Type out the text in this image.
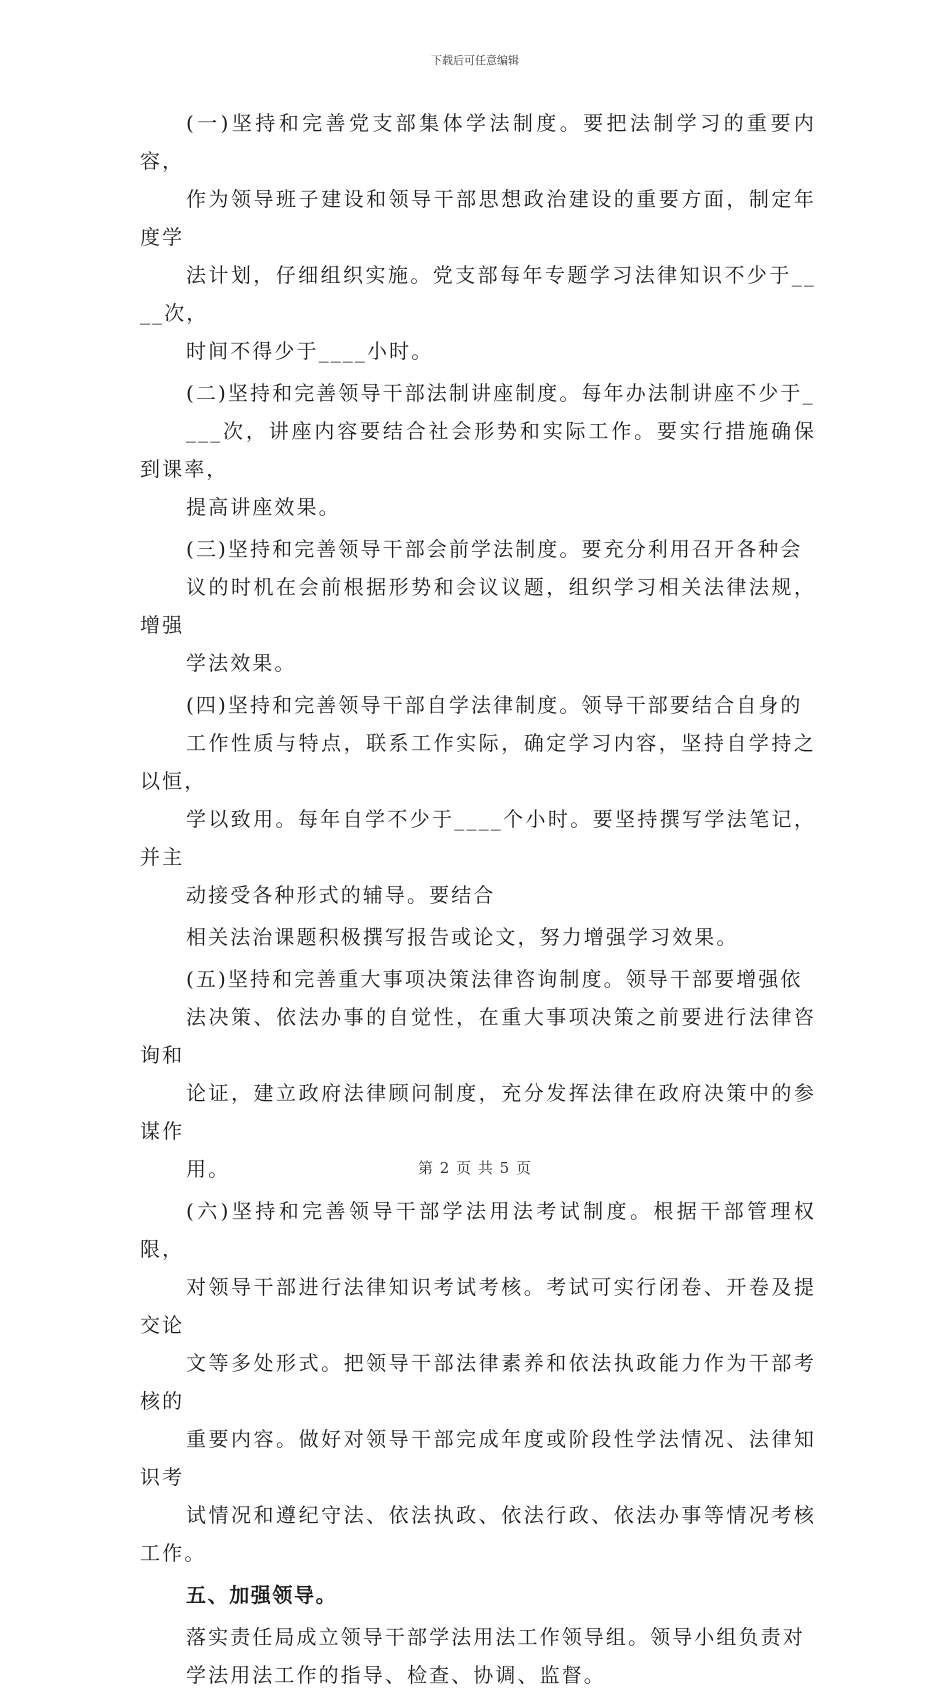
下载后可任意编辑
(一)坚持和完善党支部集体学法制度。要把法制学习的重要内容，
作为领导班子建设和领导干部思想政治建设的重要方面，制定年度学
法计划，仔细组织实施。党支部每年专题学习法律知识不少于____次，
时间不得少于____小时。
(二)坚持和完善领导干部法制讲座制度。每年办法制讲座不少于_
___次，讲座内容要结合社会形势和实际工作。要实行措施确保到课率，
提高讲座效果。
(三)坚持和完善领导干部会前学法制度。要充分利用召开各种会
议的时机在会前根据形势和会议议题，组织学习相关法律法规，增强
学法效果。
(四)坚持和完善领导干部自学法律制度。领导干部要结合自身的
工作性质与特点，联系工作实际，确定学习内容，坚持自学持之以恒，
学以致用。每年自学不少于____个小时。要坚持撰写学法笔记，并主
动接受各种形式的辅导。要结合
相关法治课题积极撰写报告或论文，努力增强学习效果。
(五)坚持和完善重大事项决策法律咨询制度。领导干部要增强依
法决策、依法办事的自觉性，在重大事项决策之前要进行法律咨询和
论证，建立政府法律顾问制度，充分发挥法律在政府决策中的参谋作
用。
(六)坚持和完善领导干部学法用法考试制度。根据干部管理权限，
对领导干部进行法律知识考试考核。考试可实行闭卷、开卷及提交论
文等多处形式。把领导干部法律素养和依法执政能力作为干部考核的
重要内容。做好对领导干部完成年度或阶段性学法情况、法律知识考
试情况和遵纪守法、依法执政、依法行政、依法办事等情况考核工作。
五、加强领导。
落实责任局成立领导干部学法用法工作领导组。领导小组负责对
学法用法工作的指导、检查、协调、监督。
第 2 页 共 5 页
